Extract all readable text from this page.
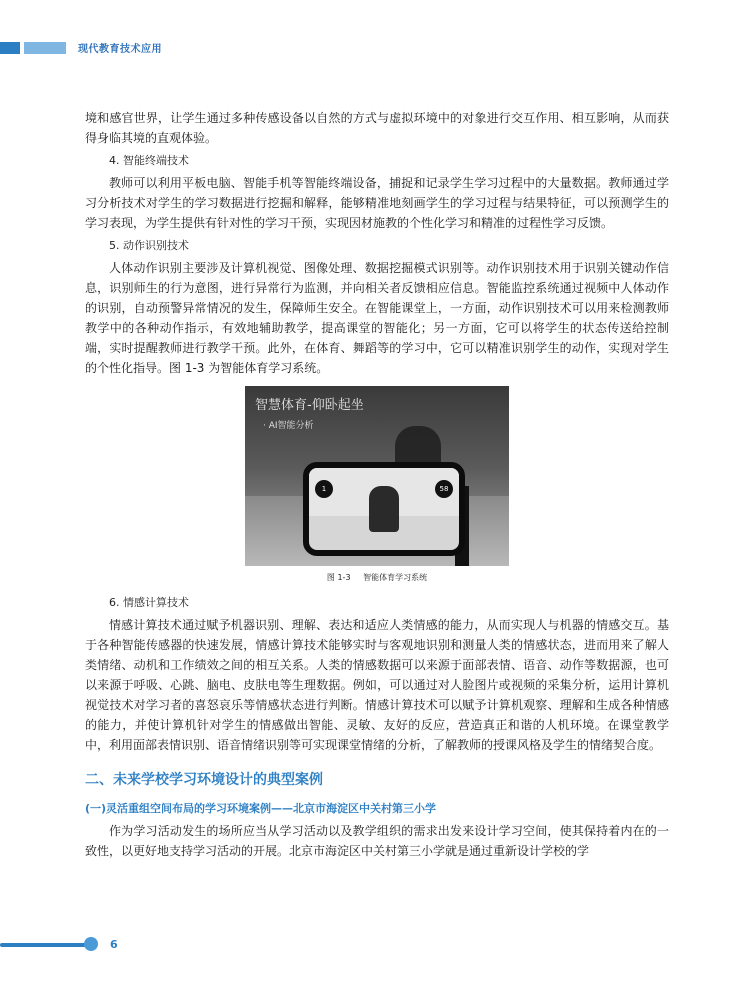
现代教育技术应用

境和感官世界，让学生通过多种传感设备以自然的方式与虚拟环境中的对象进行交互作用、相互影响，从而获得身临其境的直观体验。

4. 智能终端技术

教师可以利用平板电脑、智能手机等智能终端设备，捕捉和记录学生学习过程中的大量数据。教师通过学习分析技术对学生的学习数据进行挖掘和解释，能够精准地刻画学生的学习过程与结果特征，可以预测学生的学习表现，为学生提供有针对性的学习干预，实现因材施教的个性化学习和精准的过程性学习反馈。

5. 动作识别技术

人体动作识别主要涉及计算机视觉、图像处理、数据挖掘模式识别等。动作识别技术用于识别关键动作信息，识别师生的行为意图，进行异常行为监测，并向相关者反馈相应信息。智能监控系统通过视频中人体动作的识别，自动预警异常情况的发生，保障师生安全。在智能课堂上，一方面，动作识别技术可以用来检测教师教学中的各种动作指示，有效地辅助教学，提高课堂的智能化；另一方面，它可以将学生的状态传送给控制端，实时提醒教师进行教学干预。此外，在体育、舞蹈等的学习中，它可以精准识别学生的动作，实现对学生的个性化指导。图 1-3 为智能体育学习系统。

智慧体育-仰卧起坐
· AI智能分析
1	58
图 1-3 智能体育学习系统
6. 情感计算技术

情感计算技术通过赋予机器识别、理解、表达和适应人类情感的能力，从而实现人与机器的情感交互。基于各种智能传感器的快速发展，情感计算技术能够实时与客观地识别和测量人类的情感状态，进而用来了解人类情绪、动机和工作绩效之间的相互关系。人类的情感数据可以来源于面部表情、语音、动作等数据源，也可以来源于呼吸、心跳、脑电、皮肤电等生理数据。例如，可以通过对人脸图片或视频的采集分析，运用计算机视觉技术对学习者的喜怒哀乐等情感状态进行判断。情感计算技术可以赋予计算机观察、理解和生成各种情感的能力，并使计算机针对学生的情感做出智能、灵敏、友好的反应，营造真正和谐的人机环境。在课堂教学中，利用面部表情识别、语音情绪识别等可实现课堂情绪的分析，了解教师的授课风格及学生的情绪契合度。

二、未来学校学习环境设计的典型案例
(一)灵活重组空间布局的学习环境案例——北京市海淀区中关村第三小学

作为学习活动发生的场所应当从学习活动以及教学组织的需求出发来设计学习空间，使其保持着内在的一致性，以更好地支持学习活动的开展。北京市海淀区中关村第三小学就是通过重新设计学校的学

6
